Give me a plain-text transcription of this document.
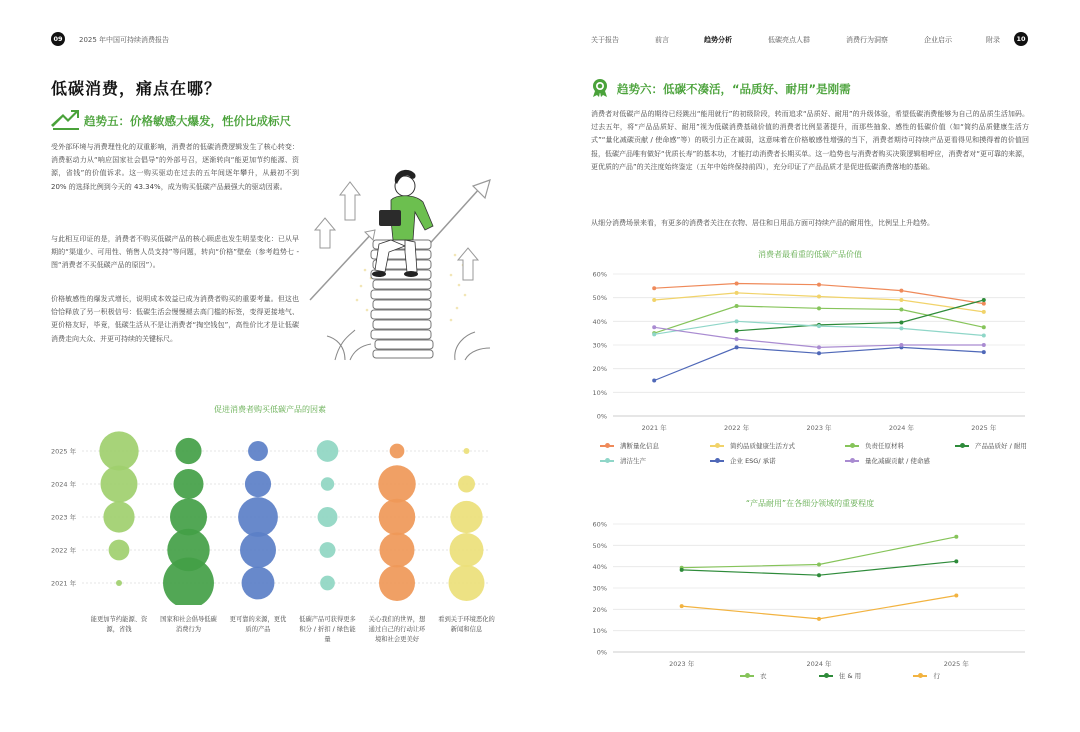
09	2025 年中国可持续消费报告	关于报告	前言	趋势分析	低碳亮点人群	消费行为洞察	企业启示	附录	10
低碳消费，痛点在哪？
趋势五：价格敏感大爆发，性价比成标尺
受外部环境与消费理性化的双重影响，消费者的低碳消费逻辑发生了核心转变：消费驱动力从“响应国家社会倡导”的外部号召，逐渐转向“能更加节约能源、资源，省钱”的价值诉求。这一购买驱动在过去的五年间逐年攀升，从最初不到 20% 的选择比例到今天的 43.34%，成为购买低碳产品最强大的驱动因素。
与此相互印证的是，消费者不购买低碳产品的核心顾虑也发生明显变化：已从早期的“渠道少、可用性、销售人员支持”等问题，转向“价格”壁垒（参考趋势七 - 图“消费者不买低碳产品的原因”）。
价格敏感性的爆发式增长，说明成本效益已成为消费者购买的重要考量。但这也恰恰释放了另一积极信号：低碳生活会慢慢褪去高门槛的标签，变得更接地气、更价格友好，毕竟，低碳生活从不是让消费者“掏空钱包”，高性价比才是让低碳消费走向大众、并更可持续的关键标尺。
促进消费者购买低碳产品的因素
2025 年
2024 年
2023 年
2022 年
2021 年
能更加节约能源、资源，省钱
国家和社会倡导低碳消费行为
更可靠的来源，更优质的产品
低碳产品可获得更多积分 / 折扣 / 绿色能量
关心我们的世界，想通过自己的行动让环境和社会更美好
看到关于环境恶化的新闻和信息
趋势六：低碳不凑活，“品质好、耐用”是刚需
消费者对低碳产品的期待已经跳出“能用就行”的初级阶段，转而追求“品质好、耐用”的升级体验，希望低碳消费能够为自己的品质生活加码。过去五年，将“产品品质好、耐用”视为低碳消费基础价值的消费者比例显著提升，而那些抽象、感性的低碳价值（如“简约品质健康生活方式”“量化减碳贡献 / 使命感”等）的吸引力正在减弱，这意味着在价格敏感性增强的当下，消费者期待可持续产品更看得见和摸得着的价值回报，低碳产品唯有做好“优质长寿”的基本功，才能打动消费者长期买单。这一趋势也与消费者购买决策逻辑相呼应，消费者对“更可靠的来源，更优质的产品”的关注度始终鉴定（五年中始终保持前四），充分印证了产品品质才是促进低碳消费落地的基础。
从细分消费场景来看，有更多的消费者关注在衣物、居住和日用品方面可持续产品的耐用性，比例呈上升趋势。
消费者最看重的低碳产品价值
0%
10%
20%
30%
40%
50%
60%
2021 年	2022 年	2023 年	2024 年	2025 年
满断量化信息	简约品质健康生活方式	负责任原材料	产品品质好 / 耐用
清洁生产	企业 ESG/ 承诺	量化减碳贡献 / 使命感
“产品耐用”在各细分领域的重要程度
0%
10%
20%
30%
40%
50%
60%
2023 年	2024 年	2025 年
衣	住 & 用	行
